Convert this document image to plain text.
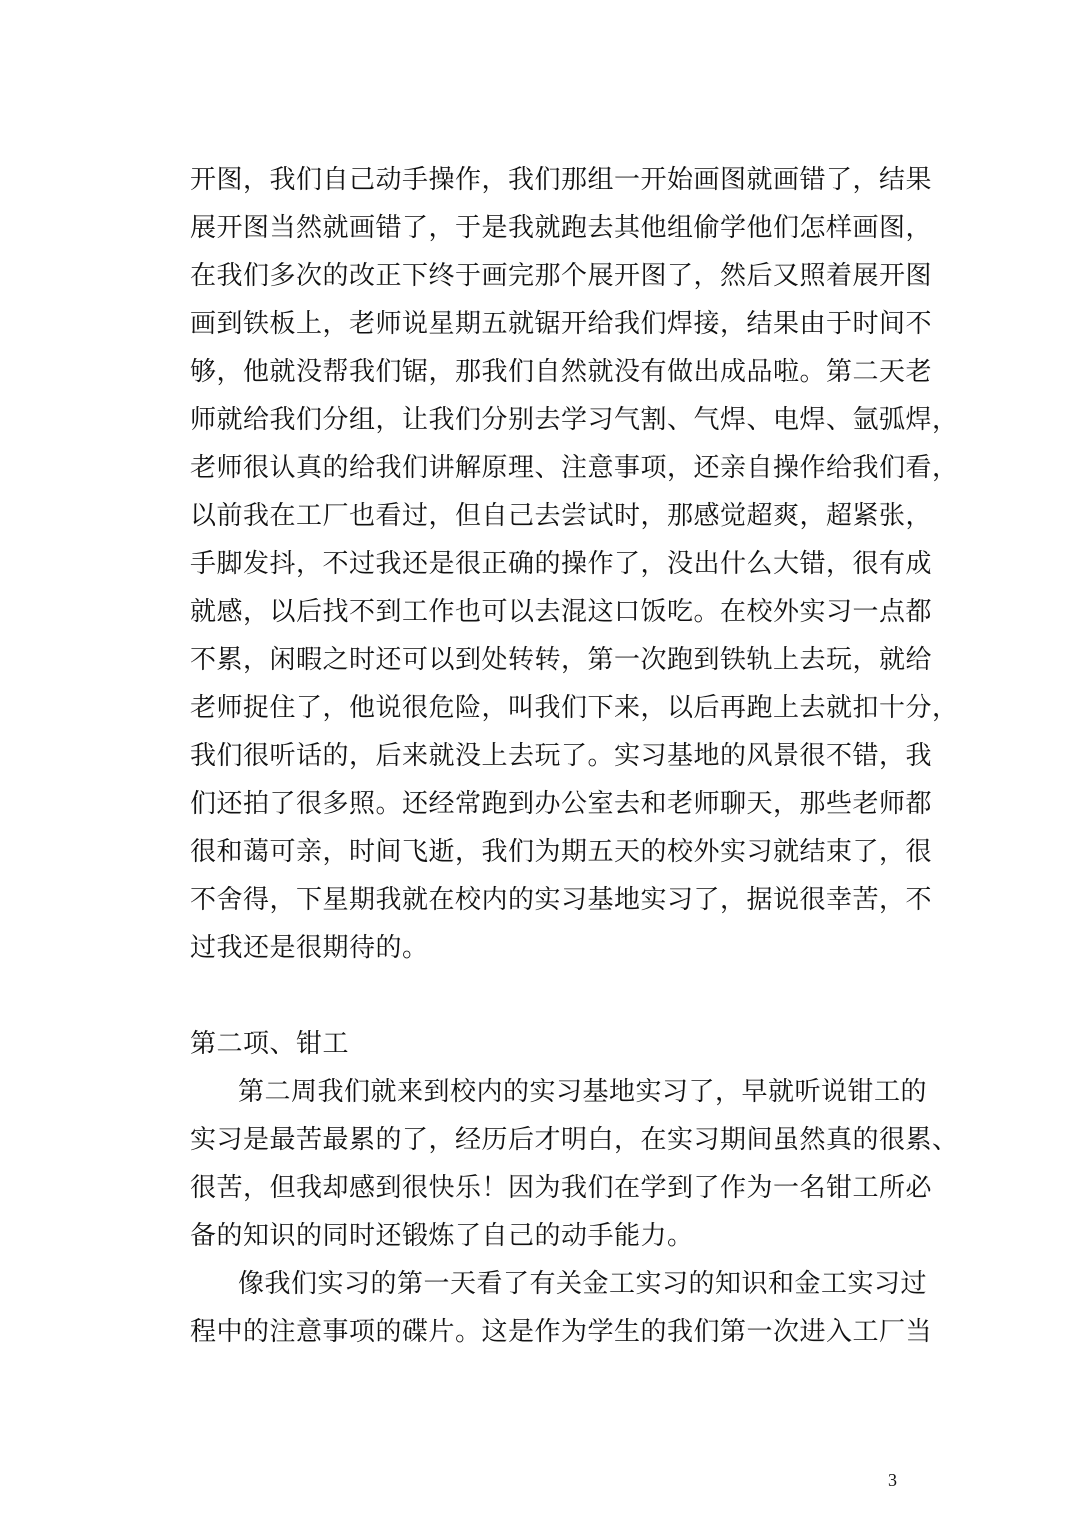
开图，我们自己动手操作，我们那组一开始画图就画错了，结果
展开图当然就画错了，于是我就跑去其他组偷学他们怎样画图，
在我们多次的改正下终于画完那个展开图了，然后又照着展开图
画到铁板上，老师说星期五就锯开给我们焊接，结果由于时间不
够，他就没帮我们锯，那我们自然就没有做出成品啦。第二天老
师就给我们分组，让我们分别去学习气割、气焊、电焊、氩弧焊，
老师很认真的给我们讲解原理、注意事项，还亲自操作给我们看，
以前我在工厂也看过，但自己去尝试时，那感觉超爽，超紧张，
手脚发抖，不过我还是很正确的操作了，没出什么大错，很有成
就感，以后找不到工作也可以去混这口饭吃。在校外实习一点都
不累，闲暇之时还可以到处转转，第一次跑到铁轨上去玩，就给
老师捉住了，他说很危险，叫我们下来，以后再跑上去就扣十分，
我们很听话的，后来就没上去玩了。实习基地的风景很不错，我
们还拍了很多照。还经常跑到办公室去和老师聊天，那些老师都
很和蔼可亲，时间飞逝，我们为期五天的校外实习就结束了，很
不舍得，下星期我就在校内的实习基地实习了，据说很幸苦，不
过我还是很期待的。
第二项、钳工
第二周我们就来到校内的实习基地实习了，早就听说钳工的
实习是最苦最累的了，经历后才明白，在实习期间虽然真的很累、
很苦，但我却感到很快乐！因为我们在学到了作为一名钳工所必
备的知识的同时还锻炼了自己的动手能力。
像我们实习的第一天看了有关金工实习的知识和金工实习过
程中的注意事项的碟片。这是作为学生的我们第一次进入工厂当
3
